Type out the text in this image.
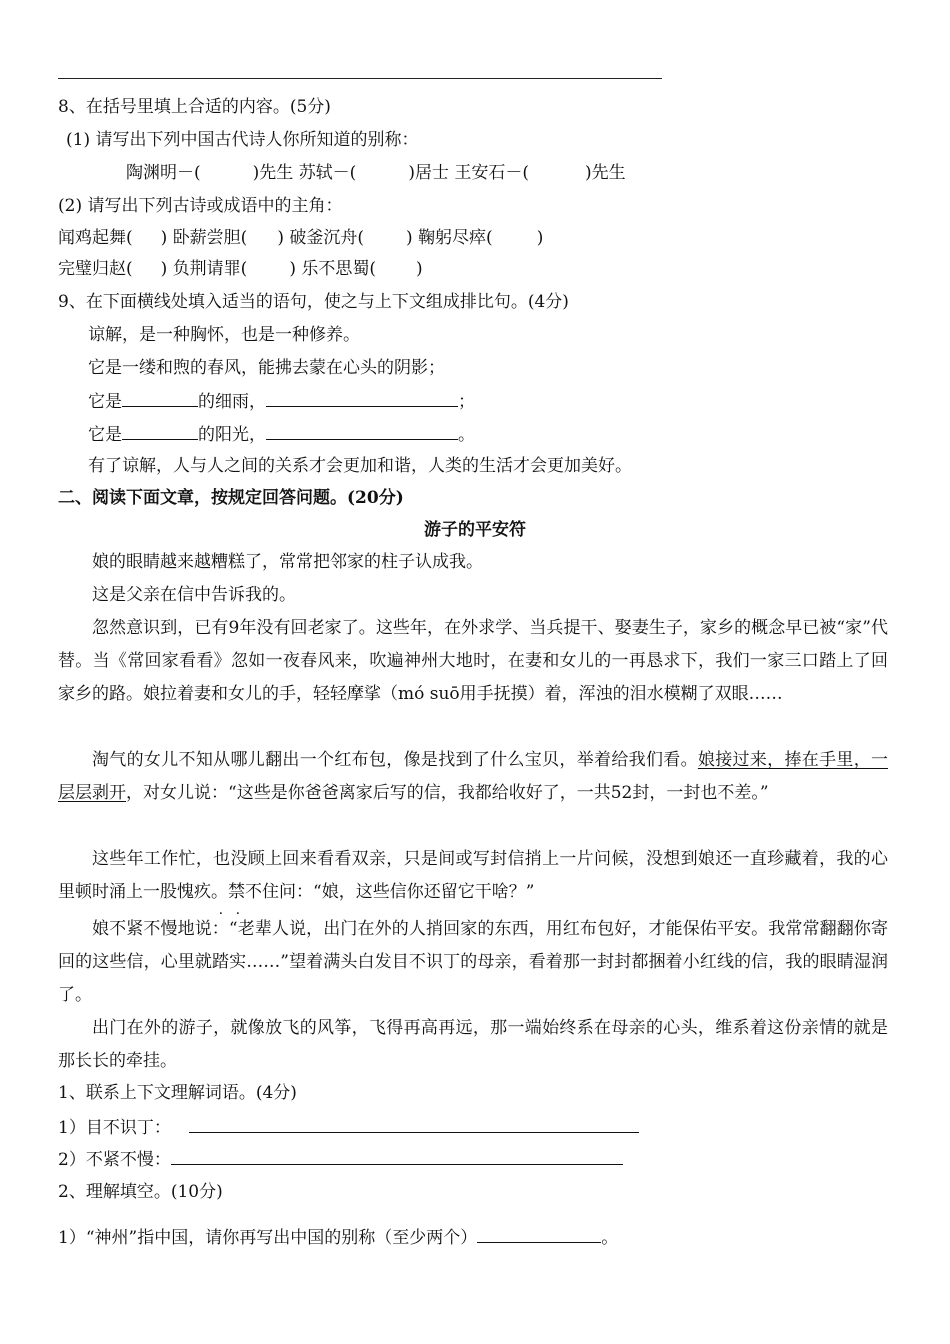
8、在括号里填上合适的内容。(5分)
(1) 请写出下列中国古代诗人你所知道的别称：
陶渊明－(	)先生 苏轼－(	)居士 王安石－(	)先生
(2) 请写出下列古诗或成语中的主角：
闻鸡起舞( ) 卧薪尝胆( ) 破釜沉舟( ) 鞠躬尽瘁(	)
完璧归赵( ) 负荆请罪( ) 乐不思蜀( )
9、在下面横线处填入适当的语句，使之与上下文组成排比句。(4分)
谅解，是一种胸怀，也是一种修养。
它是一缕和煦的春风，能拂去蒙在心头的阴影；
它是	的细雨，	；
它是	的阳光，	。
有了谅解，人与人之间的关系才会更加和谐，人类的生活才会更加美好。
二、阅读下面文章，按规定回答问题。(20分)
游子的平安符
娘的眼睛越来越糟糕了，常常把邻家的柱子认成我。
这是父亲在信中告诉我的。
忽然意识到，已有9年没有回老家了。这些年，在外求学、当兵提干、娶妻生子，家乡的概念早已被“家”代替。当《常回家看看》忽如一夜春风来，吹遍神州大地时，在妻和女儿的一再恳求下，我们一家三口踏上了回家乡的路。娘拉着妻和女儿的手，轻轻摩挲（mó suō用手抚摸）着，浑浊的泪水模糊了双眼……
淘气的女儿不知从哪儿翻出一个红布包，像是找到了什么宝贝，举着给我们看。娘接过来，捧在手里，一层层剥开，对女儿说：“这些是你爸爸离家后写的信，我都给收好了，一共52封，一封也不差。”
这些年工作忙，也没顾上回来看看双亲，只是间或写封信捎上一片问候，没想到娘还一直珍藏着，我的心里顿时涌上一股愧 .疚 .。禁不住问：“娘，这些信你还留它干啥？”
娘不紧不慢地说：“老辈人说，出门在外的人捎回家的东西，用红布包好，才能保佑平安。我常常翻翻你寄回的这些信，心里就踏实……”望着满头白发目不识丁的母亲，看着那一封封都捆着小红线的信，我的眼睛湿润了。
出门在外的游子，就像放飞的风筝，飞得再高再远，那一端始终系在母亲的心头，维系着这份亲情的就是那长长的牵挂。
1、联系上下文理解词语。(4分)
1）目不识丁：
2）不紧不慢：
2、理解填空。(10分)
1）“神州”指中国，请你再写出中国的别称（至少两个）	。
